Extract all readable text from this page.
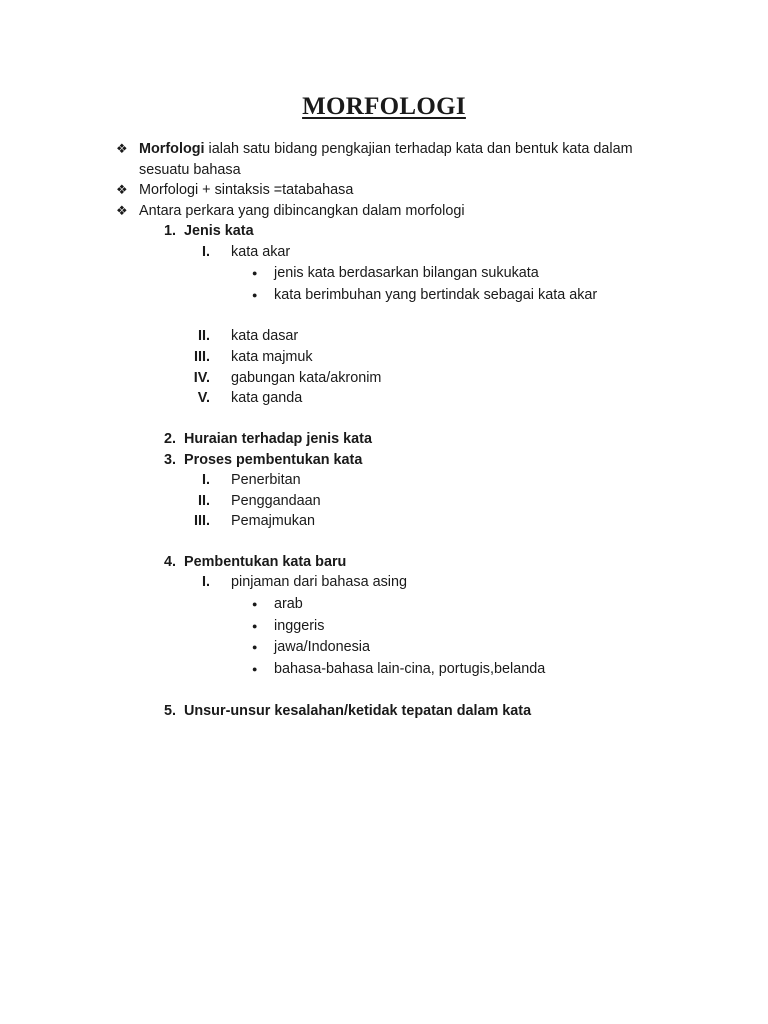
MORFOLOGI
❖ Morfologi ialah satu bidang pengkajian terhadap kata dan bentuk kata dalam
sesuatu bahasa
❖ Morfologi + sintaksis =tatabahasa
❖ Antara perkara yang dibincangkan dalam morfologi
1. Jenis kata
I. kata akar
● jenis kata berdasarkan bilangan sukukata
● kata berimbuhan yang bertindak sebagai kata akar
II. kata dasar
III. kata majmuk
IV. gabungan kata/akronim
V. kata ganda
2. Huraian terhadap jenis kata
3. Proses pembentukan kata
I. Penerbitan
II. Penggandaan
III. Pemajmukan
4. Pembentukan kata baru
I. pinjaman dari bahasa asing
● arab
● inggeris
● jawa/Indonesia
● bahasa-bahasa lain-cina, portugis,belanda
5. Unsur-unsur kesalahan/ketidak tepatan dalam kata
